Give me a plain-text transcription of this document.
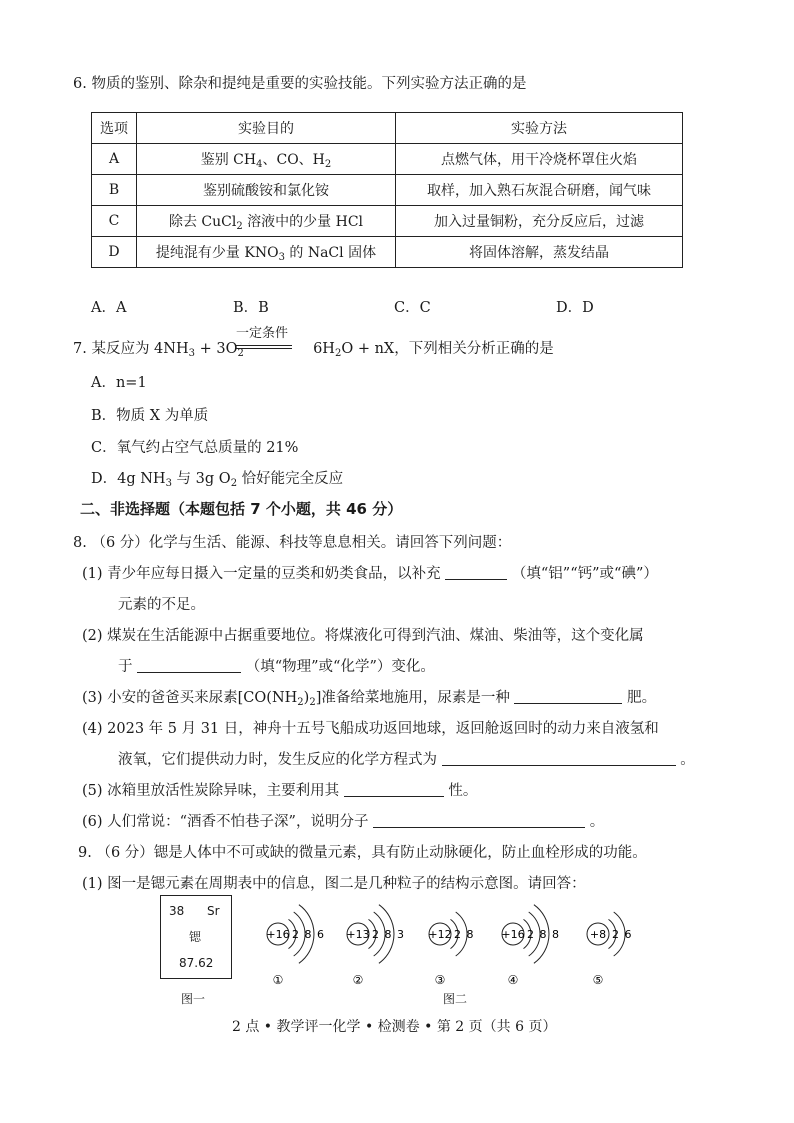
6. 物质的鉴别、除杂和提纯是重要的实验技能。下列实验方法正确的是
选项	实验目的	实验方法
A	鉴别 $CH_4$、CO、$H_2$	点燃气体，用干冷烧杯罩住火焰
B	鉴别硫酸铵和氯化铵	取样，加入熟石灰混合研磨，闻气味
C	除去 CuCl$_2$ 溶液中的少量 HCl	加入过量铜粉，充分反应后，过滤
D	提纯混有少量 $KNO_3$ 的 NaCl 固体	将固体溶解，蒸发结晶
A．A	B．B	C．C	D．D
7. 某反应为 $4NH_3 + 3O_2$	$6H_2O$ + nX，下列相关分析正确的是
一定条件
A．n=1
B．物质 X 为单质
C．氧气约占空气总质量的 21%
D．4g $NH_3$ 与 3g $O_2$ 恰好能完全反应
二、非选择题（本题包括 7 个小题，共 46 分）
8. （6 分）化学与生活、能源、科技等息息相关。请回答下列问题：
(1) 青少年应每日摄入一定量的豆类和奶类食品，以补充	（填“铝”“钙”或“碘”）
元素的不足。
(2) 煤炭在生活能源中占据重要地位。将煤液化可得到汽油、煤油、柴油等，这个变化属
于	（填“物理”或“化学”）变化。
(3) 小安的爸爸买来尿素$[CO(NH_2)_2]$准备给菜地施用，尿素是一种	肥。
(4) 2023 年 5 月 31 日，神舟十五号飞船成功返回地球，返回舱返回时的动力来自液氢和
液氧，它们提供动力时，发生反应的化学方程式为	。
(5) 冰箱里放活性炭除异味，主要利用其	性。
(6) 人们常说：“酒香不怕巷子深”，说明分子	。
9. （6 分）锶是人体中不可或缺的微量元素，具有防止动脉硬化，防止血栓形成的功能。
(1) 图一是锶元素在周期表中的信息，图二是几种粒子的结构示意图。请回答：
38 Sr
锶
87.62
图一
+16 2 8 6
①
+13 2 8 3
②
+12 2 8
③
+16 2 8 8
④
+8 2 6
⑤
图二
2 点 • 教学评一化学 • 检测卷 • 第 2 页（共 6 页）
